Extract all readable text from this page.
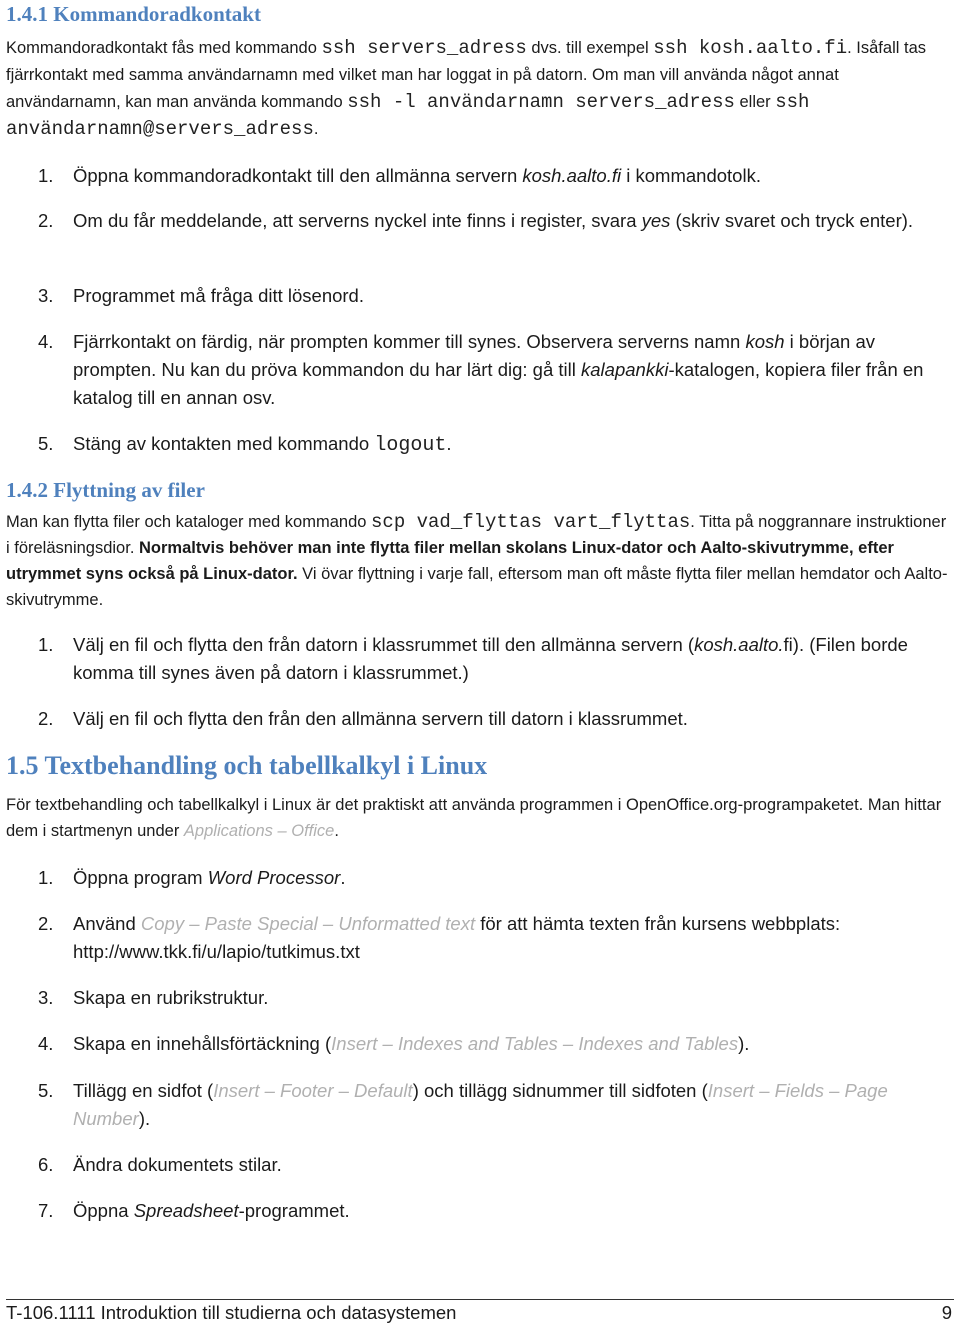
1.4.1 Kommandoradkontakt

Kommandoradkontakt fås med kommando ssh servers_adress dvs. till exempel ssh kosh.aalto.fi. Isåfall tas fjärrkontakt med samma användarnamn med vilket man har loggat in på datorn. Om man vill använda något annat användarnamn, kan man använda kommando ssh -l användarnamn servers_adress eller ssh användarnamn@servers_adress.

1. Öppna kommandoradkontakt till den allmänna servern kosh.aalto.fi i kommandotolk.
2. Om du får meddelande, att serverns nyckel inte finns i register, svara yes (skriv svaret och tryck enter).
3. Programmet må fråga ditt lösenord.
4. Fjärrkontakt on färdig, när prompten kommer till synes. Observera serverns namn kosh i början av prompten. Nu kan du pröva kommandon du har lärt dig: gå till kalapankki-katalogen, kopiera filer från en katalog till en annan osv.
5. Stäng av kontakten med kommando logout.
1.4.2 Flyttning av filer

Man kan flytta filer och kataloger med kommando scp vad_flyttas vart_flyttas. Titta på noggrannare instruktioner i föreläsningsdior. Normaltvis behöver man inte flytta filer mellan skolans Linux-dator och Aalto-skivutrymme, efter utrymmet syns också på Linux-dator. Vi övar flyttning i varje fall, eftersom man oft måste flytta filer mellan hemdator och Aalto-skivutrymme.

1. Välj en fil och flytta den från datorn i klassrummet till den allmänna servern (kosh.aalto.fi). (Filen borde komma till synes även på datorn i klassrummet.)
2. Välj en fil och flytta den från den allmänna servern till datorn i klassrummet.
1.5 Textbehandling och tabellkalkyl i Linux

För textbehandling och tabellkalkyl i Linux är det praktiskt att använda programmen i OpenOffice.org-programpaketet. Man hittar dem i startmenyn under Applications – Office.

1. Öppna program Word Processor.
2. Använd Copy – Paste Special – Unformatted text för att hämta texten från kursens webbplats: http://www.tkk.fi/u/lapio/tutkimus.txt
3. Skapa en rubrikstruktur.
4. Skapa en innehållsförtäckning (Insert – Indexes and Tables – Indexes and Tables).
5. Tillägg en sidfot (Insert – Footer – Default) och tillägg sidnummer till sidfoten (Insert – Fields – Page Number).
6. Ändra dokumentets stilar.
7. Öppna Spreadsheet-programmet.
T-106.1111 Introduktion till studierna och datasystemen	9
